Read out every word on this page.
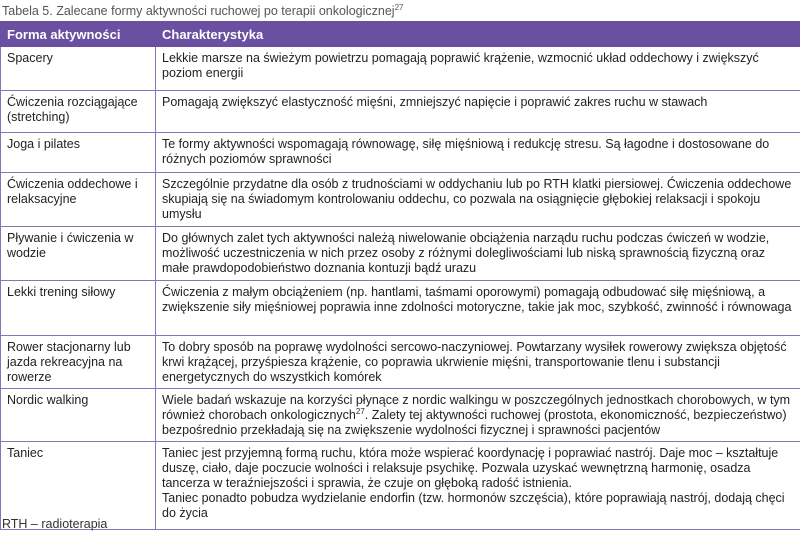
Tabela 5. Zalecane formy aktywności ruchowej po terapii onkologicznej$^{27}$
Forma aktywności	Charakterystyka
Spacery	Lekkie marsze na świeżym powietrzu pomagają poprawić krążenie, wzmocnić układ oddechowy i zwiększyć poziom energii
Ćwiczenia rozciągające (stretching)	Pomagają zwiększyć elastyczność mięśni, zmniejszyć napięcie i poprawić zakres ruchu w stawach
Joga i pilates	Te formy aktywności wspomagają równowagę, siłę mięśniową i redukcję stresu. Są łagodne i dostosowane do różnych poziomów sprawności
Ćwiczenia oddechowe i relaksacyjne	Szczególnie przydatne dla osób z trudnościami w oddychaniu lub po RTH klatki piersiowej. Ćwiczenia oddechowe skupiają się na świadomym kontrolowaniu oddechu, co pozwala na osiągnięcie głębokiej relaksacji i spokoju umysłu
Pływanie i ćwiczenia w wodzie	Do głównych zalet tych aktywności należą niwelowanie obciążenia narządu ruchu podczas ćwiczeń w wodzie, możliwość uczestniczenia w nich przez osoby z różnymi dolegliwościami lub niską sprawnością fizyczną oraz małe prawdopodobieństwo doznania kontuzji bądź urazu
Lekki trening siłowy	Ćwiczenia z małym obciążeniem (np. hantlami, taśmami oporowymi) pomagają odbudować siłę mięśniową, a zwiększenie siły mięśniowej poprawia inne zdolności motoryczne, takie jak moc, szybkość, zwinność i równowaga
Rower stacjonarny lub jazda rekreacyjna na rowerze	To dobry sposób na poprawę wydolności sercowo-naczyniowej. Powtarzany wysiłek rowerowy zwiększa objętość krwi krążącej, przyśpiesza krążenie, co poprawia ukrwienie mięśni, transportowanie tlenu i substancji energetycznych do wszystkich komórek
Nordic walking	Wiele badań wskazuje na korzyści płynące z nordic walkingu w poszczególnych jednostkach chorobowych, w tym również chorobach onkologicznych$^{27}$. Zalety tej aktywności ruchowej (prostota, ekonomiczność, bezpieczeństwo) bezpośrednio przekładają się na zwiększenie wydolności fizycznej i sprawności pacjentów
Taniec	Taniec jest przyjemną formą ruchu, która może wspierać koordynację i poprawiać nastrój. Daje moc – kształtuje duszę, ciało, daje poczucie wolności i relaksuje psychikę. Pozwala uzyskać wewnętrzną harmonię, osadza tancerza w teraźniejszości i sprawia, że czuje on głęboką radość istnienia.
Taniec ponadto pobudza wydzielanie endorfin (tzw. hormonów szczęścia), które poprawiają nastrój, dodają chęci do życia
RTH – radioterapia
